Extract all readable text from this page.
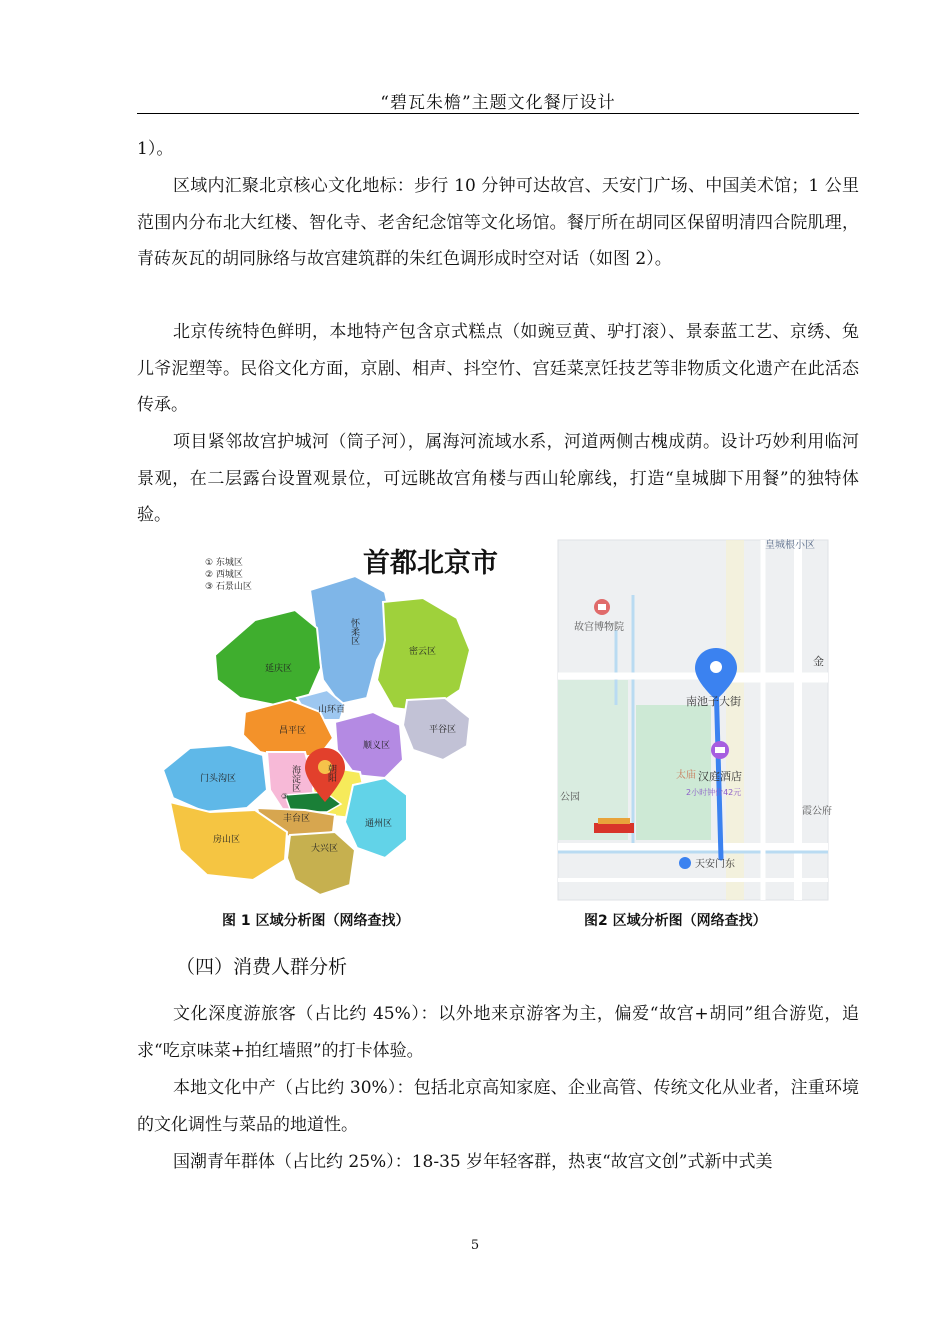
“碧瓦朱檐”主题文化餐厅设计

1）。

区域内汇聚北京核心文化地标：步行 10 分钟可达故宫、天安门广场、中国美术馆；1 公里范围内分布北大红楼、智化寺、老舍纪念馆等文化场馆。餐厅所在胡同区保留明清四合院肌理，青砖灰瓦的胡同脉络与故宫建筑群的朱红色调形成时空对话（如图 2）。

北京传统特色鲜明，本地特产包含京式糕点（如豌豆黄、驴打滚）、景泰蓝工艺、京绣、兔儿爷泥塑等。民俗文化方面，京剧、相声、抖空竹、宫廷菜烹饪技艺等非物质文化遗产在此活态传承。

项目紧邻故宫护城河（筒子河），属海河流域水系，河道两侧古槐成荫。设计巧妙利用临河景观，在二层露台设置观景位，可远眺故宫角楼与西山轮廓线，打造“皇城脚下用餐”的独特体验。

首都北京市
① 东城区
② 西城区
③ 石景山区
延庆区
怀柔区
密云区
山环百
昌平区	平谷区
顺义区
门头沟区	海淀区	朝阳
③
丰台区
房山区
通州区
大兴区
皇城根小区
故宫博物院
南池子大街
金
太庙 汉庭酒店
2小时钟价42元
公园
霞公府
天安门东
图 1 区域分析图（网络查找）	图2 区域分析图（网络查找）
（四）消费人群分析

文化深度游旅客（占比约 45%）：以外地来京游客为主，偏爱“故宫+胡同”组合游览，追求“吃京味菜+拍红墙照”的打卡体验。

本地文化中产（占比约 30%）：包括北京高知家庭、企业高管、传统文化从业者，注重环境的文化调性与菜品的地道性。

国潮青年群体（占比约 25%）：18-35 岁年轻客群，热衷“故宫文创”式新中式美

5
